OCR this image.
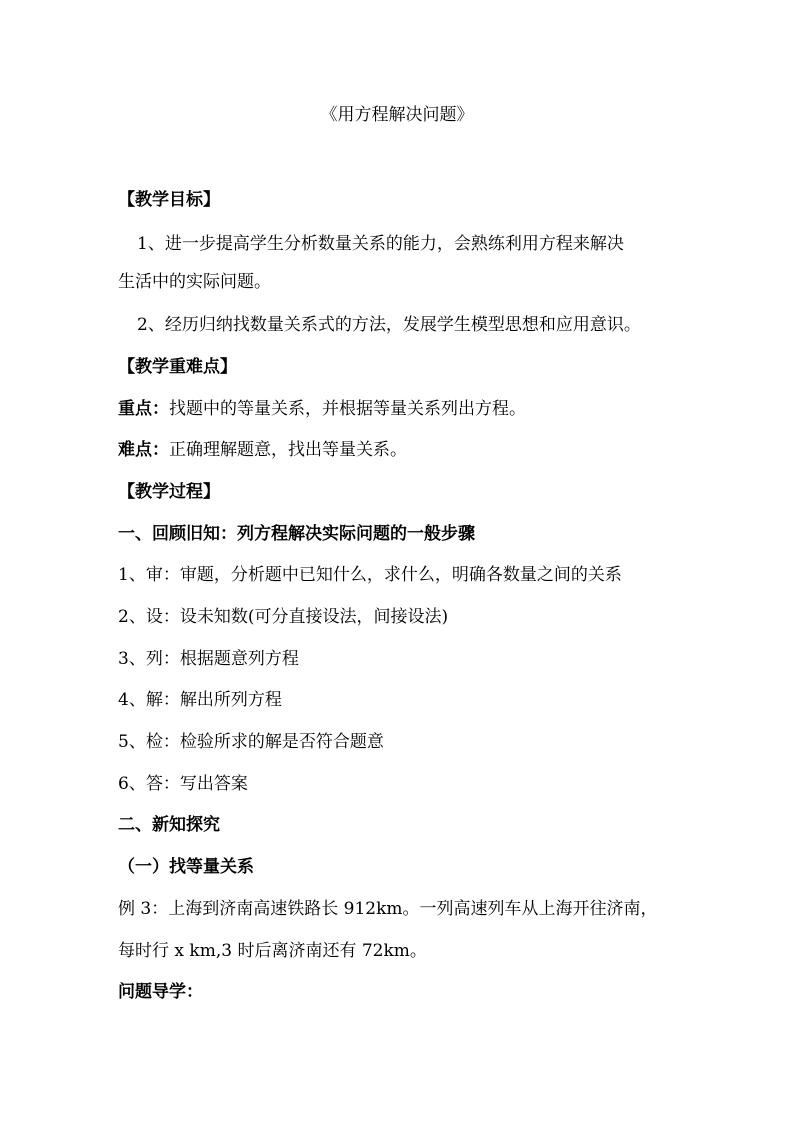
《用方程解决问题》
【教学目标】
1、进一步提高学生分析数量关系的能力，会熟练利用方程来解决
生活中的实际问题。
2、经历归纳找数量关系式的方法，发展学生模型思想和应用意识。
【教学重难点】
重点：找题中的等量关系，并根据等量关系列出方程。
难点：正确理解题意，找出等量关系。
【教学过程】
一、回顾旧知：列方程解决实际问题的一般步骤
1、审：审题，分析题中已知什么，求什么，明确各数量之间的关系
2、设：设未知数(可分直接设法，间接设法)
3、列：根据题意列方程
4、解：解出所列方程
5、检：检验所求的解是否符合题意
6、答：写出答案
二、新知探究
（一）找等量关系
例 3：上海到济南高速铁路长 912km。一列高速列车从上海开往济南，
每时行 x km,3 时后离济南还有 72km。
问题导学：
